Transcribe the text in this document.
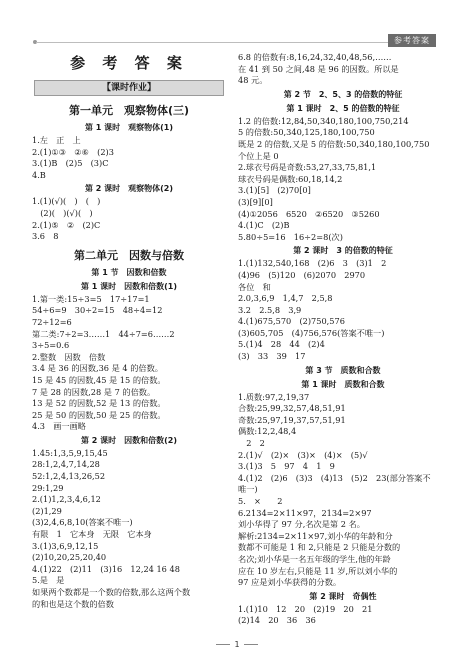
参考答案
参 考 答 案
【课时作业】
第一单元　观察物体(三)
第 1 课时　观察物体(1)
1.左　正　上
2.(1)①③　②⑥　(2)3
3.(1)B　(2)5　(3)C
4.B
第 2 课时　观察物体(2)
1.(1)(√)(　)　(　)
　(2)(　)(√)(　)
2.(1)⑤　②　(2)C
3.6　8
第二单元　因数与倍数
第 1 节　因数和倍数
第 1 课时　因数和倍数(1)
1.第一类:15÷3=5　17÷17=1
54÷6=9　30÷2=15　48÷4=12
72÷12=6
第二类:7÷2=3……1　44÷7=6……2
3÷5=0.6
2.整数　因数　倍数
3.4 是 36 的因数,36 是 4 的倍数。
15 是 45 的因数,45 是 15 的倍数。
7 是 28 的因数,28 是 7 的倍数。
13 是 52 的因数,52 是 13 的倍数。
25 是 50 的因数,50 是 25 的倍数。
4.3　画一画略
第 2 课时　因数和倍数(2)
1.45:1,3,5,9,15,45
28:1,2,4,7,14,28
52:1,2,4,13,26,52
29:1,29
2.(1)1,2,3,4,6,12
(2)1,29
(3)2,4,6,8,10(答案不唯一)
有限　1　它本身　无限　它本身
3.(1)3,6,9,12,15
(2)10,20,25,20,40
4.(1)22　(2)11　(3)16　12,24 16 48
5.是　是
如果两个数都是一个数的倍数,那么这两个数
的和也是这个数的倍数
6.8 的倍数有:8,16,24,32,40,48,56,……
在 41 到 50 之间,48 是 96 的因数。所以是
48 元。
第 2 节　2、5、3 的倍数的特征
第 1 课时　2、5 的倍数的特征
1.2 的倍数:12,84,50,340,180,100,750,214
5 的倍数:50,340,125,180,100,750
既是 2 的倍数,又是 5 的倍数:50,340,180,100,750
个位上是 0
2.球衣号码是奇数:53,27,33,75,81,1
球衣号码是偶数:60,18,14,2
3.(1)[5]　(2)70[0]
(3)[9][0]
(4)①2056　6520　②6520　③5260
4.(1)C　(2)B
5.80÷5=16　16÷2=8(次)
第 2 课时　3 的倍数的特征
1.(1)132,540,168　(2)6　3　(3)1　2
(4)96　(5)120　(6)2070　2970
各位　和
2.0,3,6,9　1,4,7　2,5,8
3.2　2.5,8　3,9
4.(1)675,570　(2)750,576
(3)605,705　(4)756,576(答案不唯一)
5.(1)4　28　44　(2)4
(3)　33　39　17
第 3 节　质数和合数
第 1 课时　质数和合数
1.质数:97,2,19,37
合数:25,99,32,57,48,51,91
奇数:25,97,19,37,57,51,91
偶数:12,2,48,4
　2　2
2.(1)√　(2)×　(3)×　(4)×　(5)√
3.(1)3　5　97　4　1　9
4.(1)2　(2)6　(3)3　(4)13　(5)2　23(部分答案不
唯一)
5.　×　　2
6.2134=2×11×97，2134=2×97
刘小华得了 97 分,名次是第 2 名。
解析:2134=2×11×97,刘小华的年龄和分
数都不可能是 1 和 2,只能是 2 只能是分数的
名次;刘小华是一名五年级的学生,他的年龄
应在 10 岁左右,只能是 11 岁,所以刘小华的
97 应是刘小华获得的分数。
第 2 课时　奇偶性
1.(1)10　12　20　(2)19　20　21
(2)14　20　36　36
1
